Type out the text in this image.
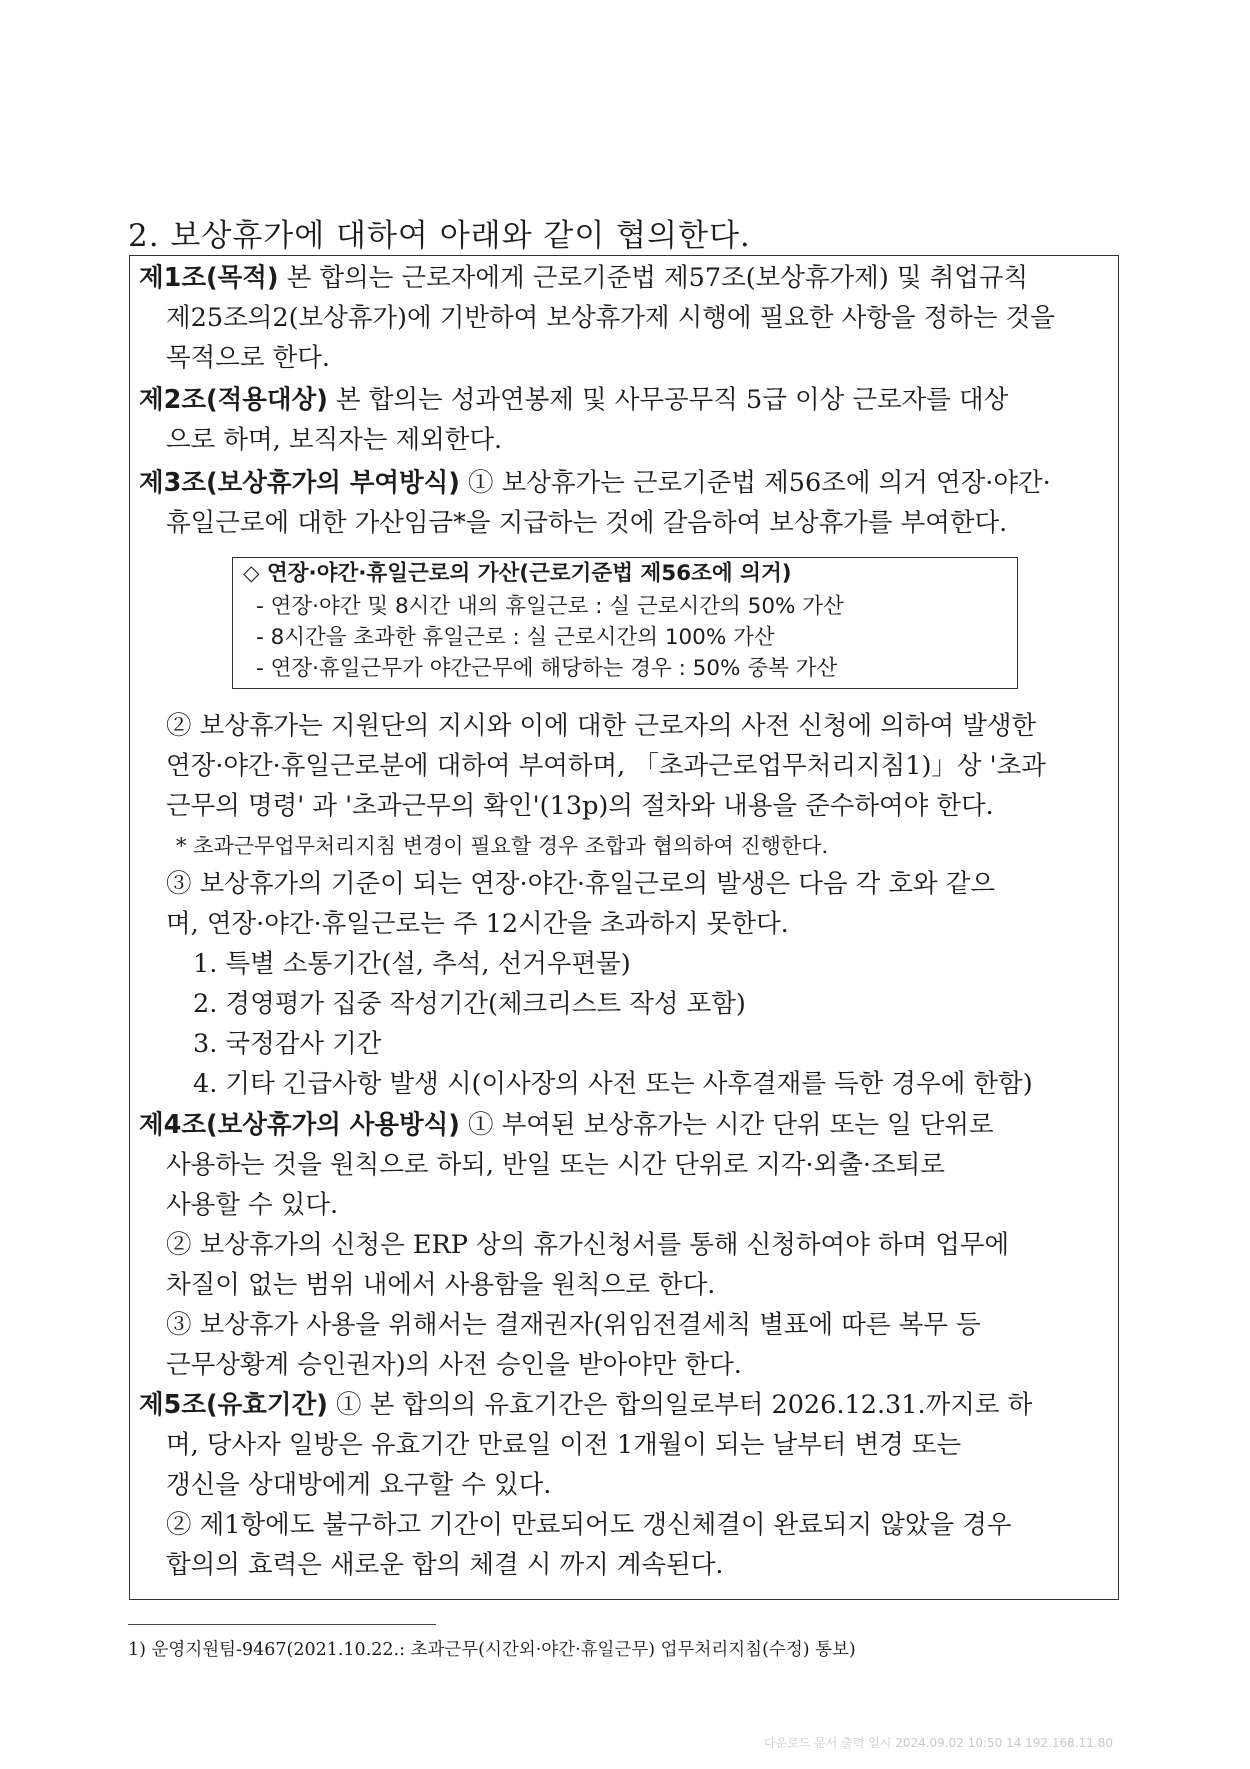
2. 보상휴가에 대하여 아래와 같이 협의한다.
제1조(목적) 본 합의는 근로자에게 근로기준법 제57조(보상휴가제) 및 취업규칙
제25조의2(보상휴가)에 기반하여 보상휴가제 시행에 필요한 사항을 정하는 것을
목적으로 한다.
제2조(적용대상) 본 합의는 성과연봉제 및 사무공무직 5급 이상 근로자를 대상
으로 하며, 보직자는 제외한다.
제3조(보상휴가의 부여방식) ① 보상휴가는 근로기준법 제56조에 의거 연장·야간·
휴일근로에 대한 가산임금*을 지급하는 것에 갈음하여 보상휴가를 부여한다.
◇ 연장·야간·휴일근로의 가산(근로기준법 제56조에 의거)
- 연장·야간 및 8시간 내의 휴일근로 : 실 근로시간의 50% 가산
- 8시간을 초과한 휴일근로 : 실 근로시간의 100% 가산
- 연장·휴일근무가 야간근무에 해당하는 경우 : 50% 중복 가산
② 보상휴가는 지원단의 지시와 이에 대한 근로자의 사전 신청에 의하여 발생한
연장·야간·휴일근로분에 대하여 부여하며, 「초과근로업무처리지침1)」상 '초과
근무의 명령' 과 '초과근무의 확인'(13p)의 절차와 내용을 준수하여야 한다.
* 초과근무업무처리지침 변경이 필요할 경우 조합과 협의하여 진행한다.
③ 보상휴가의 기준이 되는 연장·야간·휴일근로의 발생은 다음 각 호와 같으
며, 연장·야간·휴일근로는 주 12시간을 초과하지 못한다.
1. 특별 소통기간(설, 추석, 선거우편물)
2. 경영평가 집중 작성기간(체크리스트 작성 포함)
3. 국정감사 기간
4. 기타 긴급사항 발생 시(이사장의 사전 또는 사후결재를 득한 경우에 한함)
제4조(보상휴가의 사용방식) ① 부여된 보상휴가는 시간 단위 또는 일 단위로
사용하는 것을 원칙으로 하되, 반일 또는 시간 단위로 지각·외출·조퇴로
사용할 수 있다.
② 보상휴가의 신청은 ERP 상의 휴가신청서를 통해 신청하여야 하며 업무에
차질이 없는 범위 내에서 사용함을 원칙으로 한다.
③ 보상휴가 사용을 위해서는 결재권자(위임전결세칙 별표에 따른 복무 등
근무상황계 승인권자)의 사전 승인을 받아야만 한다.
제5조(유효기간) ① 본 합의의 유효기간은 합의일로부터 2026.12.31.까지로 하
며, 당사자 일방은 유효기간 만료일 이전 1개월이 되는 날부터 변경 또는
갱신을 상대방에게 요구할 수 있다.
② 제1항에도 불구하고 기간이 만료되어도 갱신체결이 완료되지 않았을 경우
합의의 효력은 새로운 합의 체결 시 까지 계속된다.
1) 운영지원팀-9467(2021.10.22.: 초과근무(시간외·야간·휴일근무) 업무처리지침(수정) 통보)
다운로드 문서 출력 일시 2024.09.02 10:50 14 192.168.11.80
